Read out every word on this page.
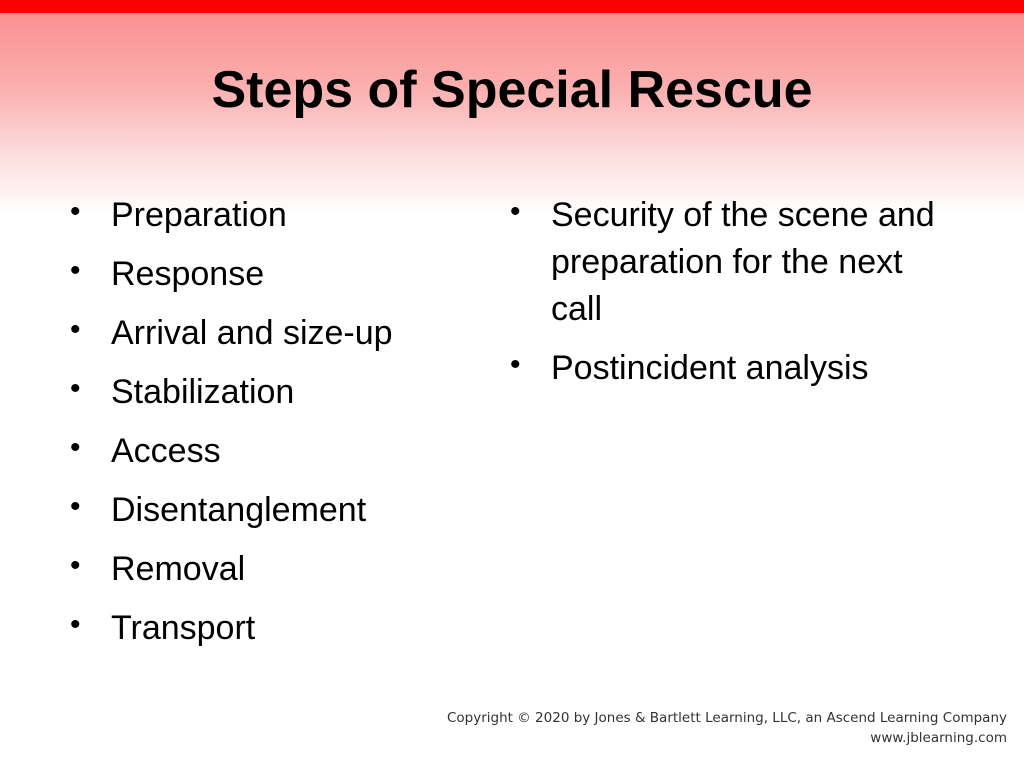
Steps of Special Rescue
• Preparation
• Response
• Arrival and size-up
• Stabilization
• Access
• Disentanglement
• Removal
• Transport
• Security of the scene and preparation for the next call
• Postincident analysis
Copyright © 2020 by Jones & Bartlett Learning, LLC, an Ascend Learning Company
www.jblearning.com
